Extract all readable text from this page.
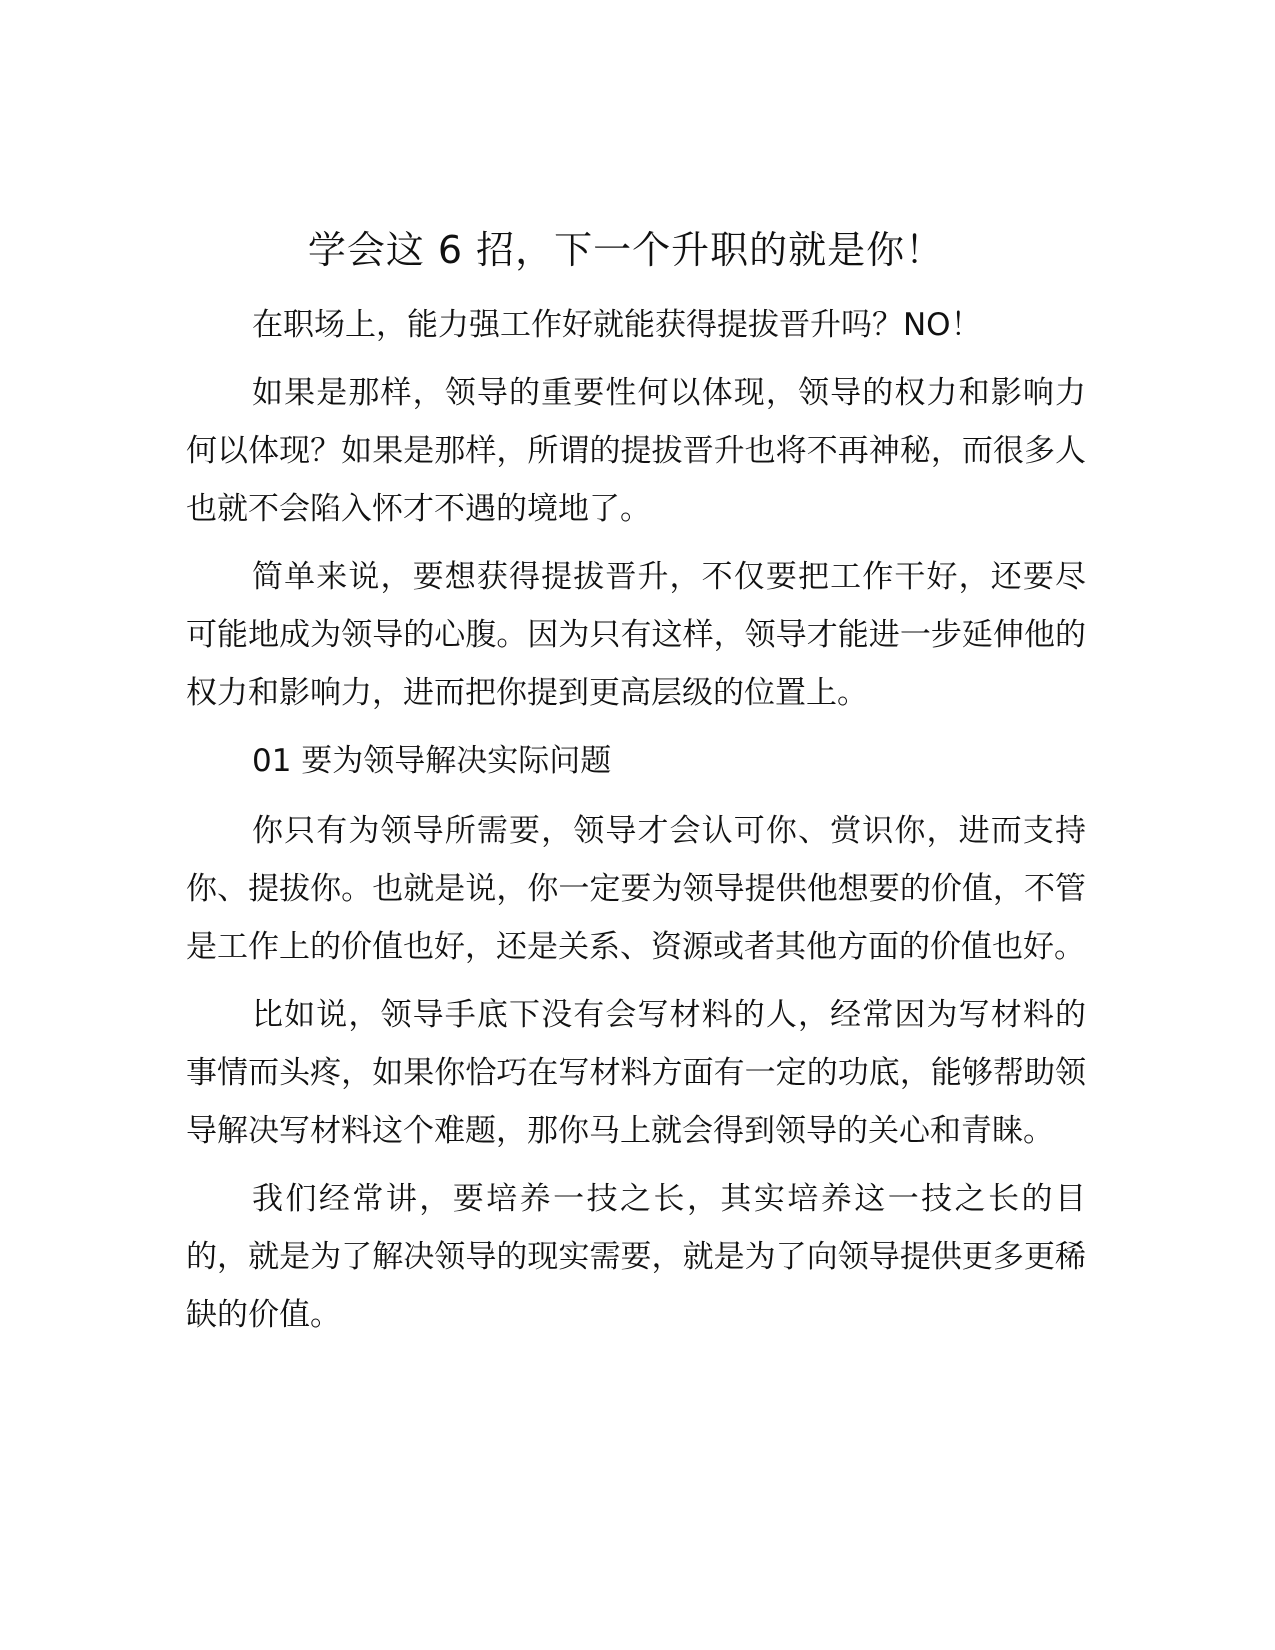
学会这 6 招，下一个升职的就是你！

在职场上，能力强工作好就能获得提拔晋升吗？NO！

如果是那样，领导的重要性何以体现，领导的权力和影响力何以体现？如果是那样，所谓的提拔晋升也将不再神秘，而很多人也就不会陷入怀才不遇的境地了。

简单来说，要想获得提拔晋升，不仅要把工作干好，还要尽可能地成为领导的心腹。因为只有这样，领导才能进一步延伸他的权力和影响力，进而把你提到更高层级的位置上。

01 要为领导解决实际问题

你只有为领导所需要，领导才会认可你、赏识你，进而支持你、提拔你。也就是说，你一定要为领导提供他想要的价值，不管是工作上的价值也好，还是关系、资源或者其他方面的价值也好。

比如说，领导手底下没有会写材料的人，经常因为写材料的事情而头疼，如果你恰巧在写材料方面有一定的功底，能够帮助领导解决写材料这个难题，那你马上就会得到领导的关心和青睐。

我们经常讲，要培养一技之长，其实培养这一技之长的目的，就是为了解决领导的现实需要，就是为了向领导提供更多更稀缺的价值。
